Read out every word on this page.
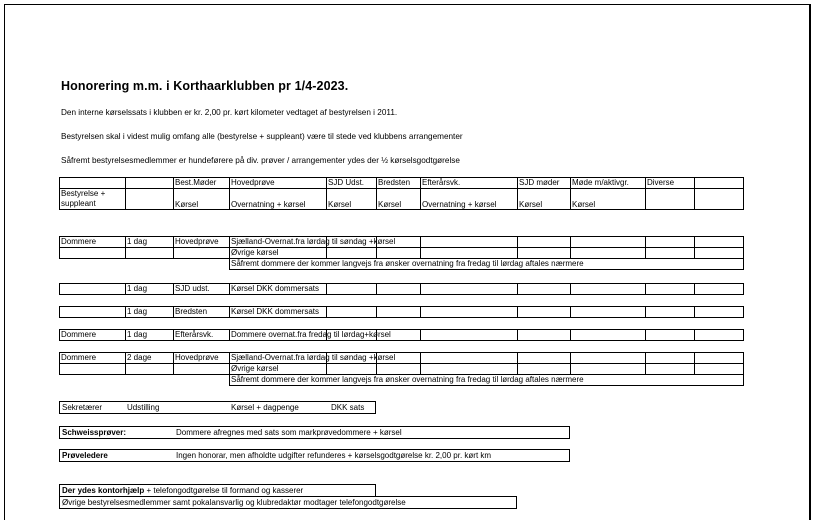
Honorering m.m. i Korthaarklubben pr 1/4-2023.
Den interne kørselssats i klubben er kr. 2,00 pr. kørt kilometer vedtaget af bestyrelsen i 2011.
Bestyrelsen skal i videst mulig omfang alle (bestyrelse + suppleant) være til stede ved klubbens arrangementer
Såfremt bestyrelsesmedlemmer er hundeførere på div. prøver / arrangementer ydes der ½ kørselsgodtgørelse
		Best.Møder	Hovedprøve	SJD Udst.	Bredsten	Efterårsvk.	SJD møder	Møde m/aktivgr.	Diverse	
Bestyrelse +
suppleant		Kørsel	Overnatning + kørsel	Kørsel	Kørsel	Overnatning + kørsel	Kørsel	Kørsel		
Dommere	1 dag	Hovedprøve	Sjælland-Overnat.fra lørdag til søndag +kørsel							
			Øvrige kørsel							
			Såfremt dommere der kommer langvejs fra ønsker overnatning fra fredag til lørdag aftales nærmere							
	1 dag	SJD udst.	Kørsel DKK dommersats							
	1 dag	Bredsten	Kørsel DKK dommersats							
Dommere	1 dag	Efterårsvk.	Dommere overnat.fra fredag til lørdag+kørsel							
Dommere	2 dage	Hovedprøve	Sjælland-Overnat.fra lørdag til søndag +kørsel							
			Øvrige kørsel							
			Såfremt dommere der kommer langvejs fra ønsker overnatning fra fredag til lørdag aftales nærmere							
Sekretærer	Udstilling	Kørsel + dagpenge	DKK sats
Schweissprøver:	Dommere afregnes med sats som markprøvedommere + kørsel
Prøveledere	Ingen honorar, men afholdte udgifter refunderes + kørselsgodtgørelse kr. 2,00 pr. kørt km
Der ydes kontorhjælp + telefongodtgørelse til formand og kasserer
Øvrige bestyrelsesmedlemmer samt pokalansvarlig og klubredaktør modtager telefongodtgørelse
